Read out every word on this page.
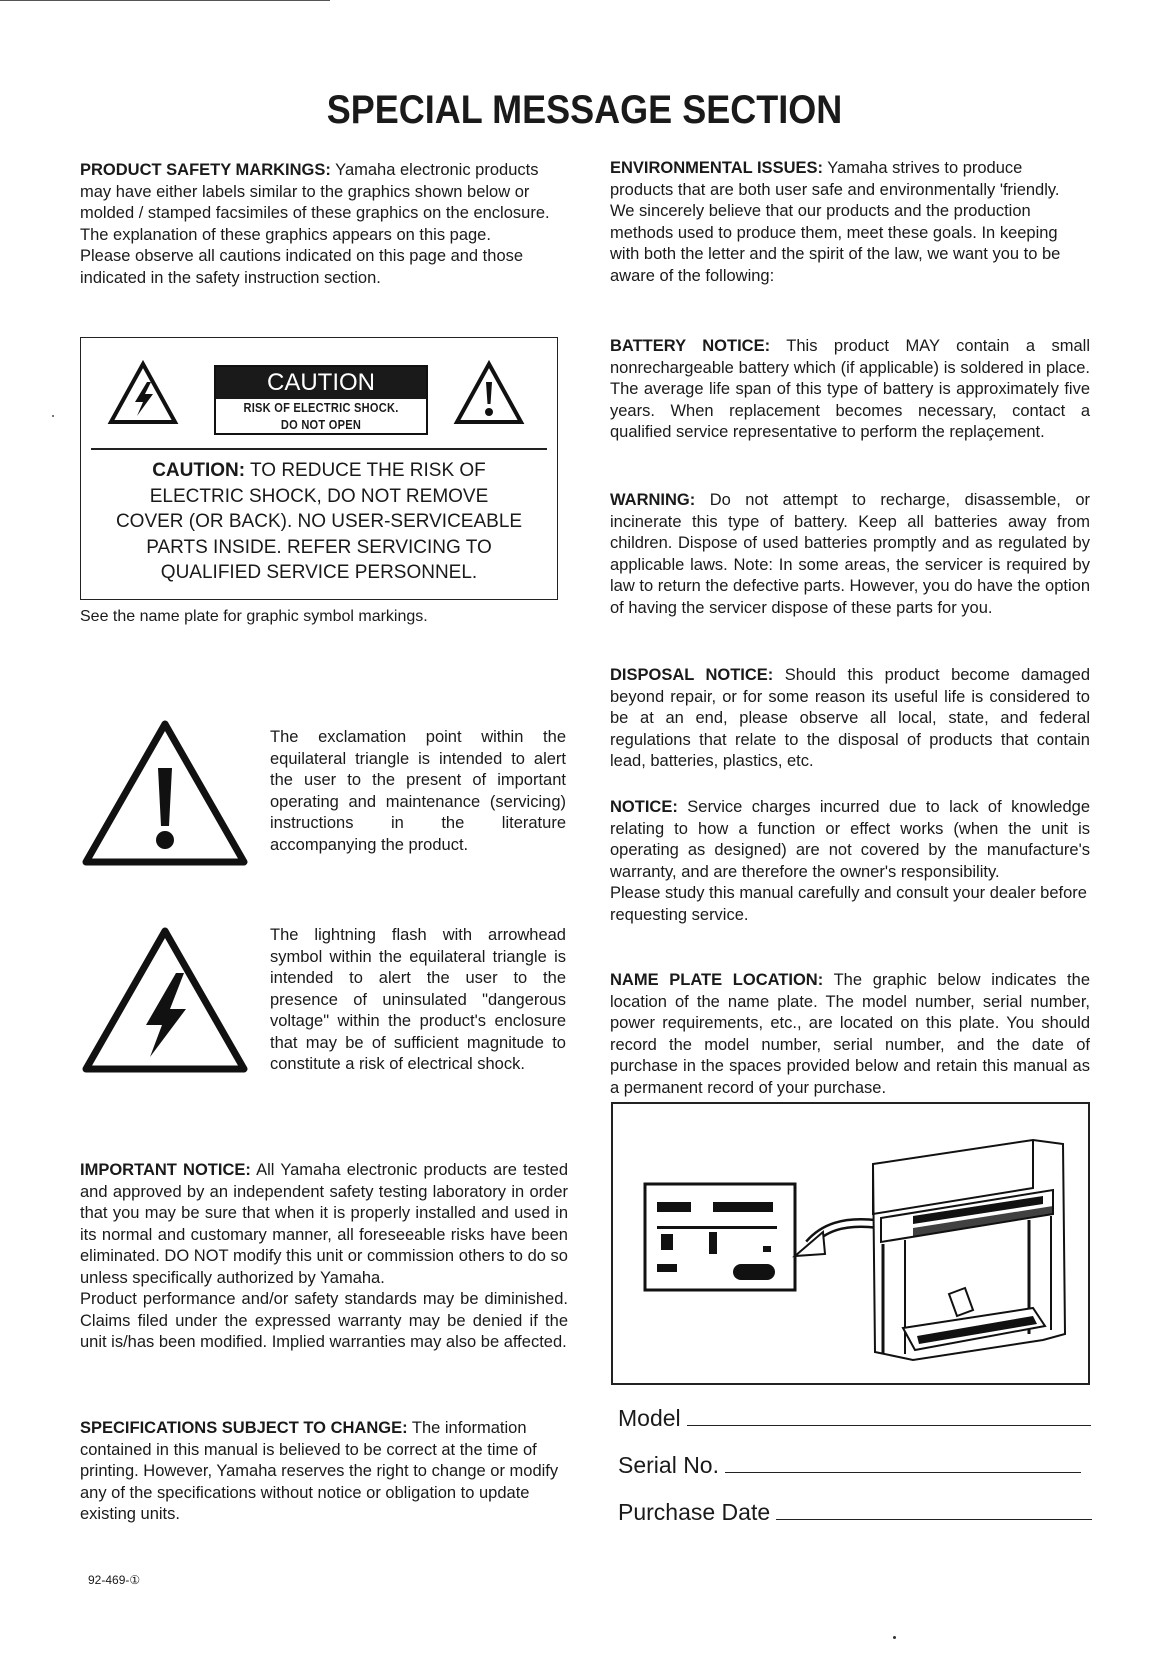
SPECIAL MESSAGE SECTION

PRODUCT SAFETY MARKINGS: Yamaha electronic products may have either labels similar to the graphics shown below or molded / stamped facsimiles of these graphics on the enclosure. The explanation of these graphics appears on this page.

Please observe all cautions indicated on this page and those indicated in the safety instruction section.

CAUTION
RISK OF ELECTRIC SHOCK.
DO NOT OPEN
CAUTION: TO REDUCE THE RISK OF
ELECTRIC SHOCK, DO NOT REMOVE
COVER (OR BACK). NO USER-SERVICEABLE
PARTS INSIDE. REFER SERVICING TO
QUALIFIED SERVICE PERSONNEL.
See the name plate for graphic symbol markings.
The exclamation point within the equilateral triangle is intended to alert the user to the present of important operating and maintenance (servicing) instructions in the literature accompanying the product.
The lightning flash with arrowhead symbol within the equilateral triangle is intended to alert the user to the presence of uninsulated "dangerous voltage" within the product's enclosure that may be of sufficient magnitude to constitute a risk of electrical shock.

IMPORTANT NOTICE: All Yamaha electronic products are tested and approved by an independent safety testing laboratory in order that you may be sure that when it is properly installed and used in its normal and customary manner, all foreseeable risks have been eliminated. DO NOT modify this unit or commission others to do so unless specifically authorized by Yamaha.

Product performance and/or safety standards may be diminished. Claims filed under the expressed warranty may be denied if the unit is/has been modified. Implied warranties may also be affected.

SPECIFICATIONS SUBJECT TO CHANGE: The information contained in this manual is believed to be correct at the time of printing. However, Yamaha reserves the right to change or modify any of the specifications without notice or obligation to update existing units.

92-469-①

ENVIRONMENTAL ISSUES: Yamaha strives to produce products that are both user safe and environmentally 'friendly.

We sincerely believe that our products and the production methods used to produce them, meet these goals. In keeping with both the letter and the spirit of the law, we want you to be aware of the following:

BATTERY NOTICE: This product MAY contain a small nonrechargeable battery which (if applicable) is soldered in place. The average life span of this type of battery is approximately five years. When replacement becomes necessary, contact a qualified service representative to perform the replaçement.

WARNING: Do not attempt to recharge, disassemble, or incinerate this type of battery. Keep all batteries away from children. Dispose of used batteries promptly and as regulated by applicable laws. Note: In some areas, the servicer is required by law to return the defective parts. However, you do have the option of having the servicer dispose of these parts for you.

DISPOSAL NOTICE: Should this product become damaged beyond repair, or for some reason its useful life is considered to be at an end, please observe all local, state, and federal regulations that relate to the disposal of products that contain lead, batteries, plastics, etc.

NOTICE: Service charges incurred due to lack of knowledge relating to how a function or effect works (when the unit is operating as designed) are not covered by the manufacture's warranty, and are therefore the owner's responsibility.

Please study this manual carefully and consult your dealer before requesting service.

NAME PLATE LOCATION: The graphic below indicates the location of the name plate. The model number, serial number, power requirements, etc., are located on this plate. You should record the model number, serial number, and the date of purchase in the spaces provided below and retain this manual as a permanent record of your purchase.

Model
Serial No.
Purchase Date
